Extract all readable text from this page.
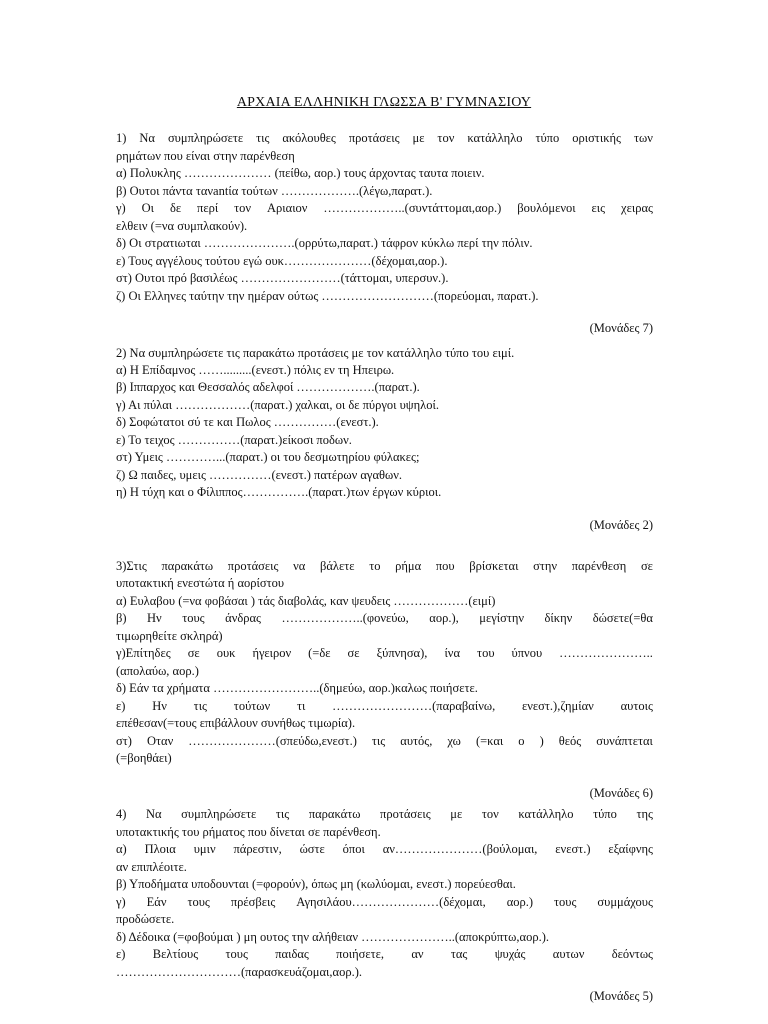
ΑΡΧΑΙΑ ΕΛΛΗΝΙΚΗ ΓΛΩΣΣΑ Β' ΓΥΜΝΑΣΙΟΥ
1) Να συμπληρώσετε τις ακόλουθες προτάσεις με τον κατάλληλο τύπο οριστικής των
ρημάτων που είναι στην παρένθεση
α) Πολυκλης ………………… (πείθω, αορ.) τους άρχοντας ταυτα ποιειν.
β) Ουτοι πάντα τανantία τούτων ……………….(λέγω,παρατ.).
γ) Οι δε περί τον Αριαιον ………………..(συντάττομαι,αορ.) βουλόμενοι εις χειρας
ελθειν (=να συμπλακούν).
δ) Οι στρατιωται ………………….(ορρύτω,παρατ.) τάφρον κύκλω περί την πόλιν.
ε) Τους αγγέλους τούτου εγώ ουκ…………………(δέχομαι,αορ.).
στ) Ουτοι πρό βασιλέως ……………………(τάττομαι, υπερσυν.).
ζ) Οι Ελληνες ταύτην την ημέραν ούτως ………………………(πορεύομαι, παρατ.).
2) Να συμπληρώσετε τις παρακάτω προτάσεις με τον κατάλληλο τύπο του ειμί.
α) Η Επίδαμνος …….........(ενεστ.) πόλις εν τη Ηπειρω.
β) Ιππαρχος και Θεσσαλός αδελφοί ……………….(παρατ.).
γ) Αι πύλαι ………………(παρατ.) χαλκαι, οι δε πύργοι υψηλοί.
δ) Σοφώτατοι σύ τε και Πωλος ……………(ενεστ.).
ε) Το τειχος ……………(παρατ.)είκοσι ποδων.
στ) Υμεις …………...(παρατ.) οι του δεσμωτηρίου φύλακες;
ζ) Ω παιδες, υμεις ……………(ενεστ.) πατέρων αγαθων.
η) Η τύχη και ο Φίλιππος…………….(παρατ.)των έργων κύριοι.
3)Στις παρακάτω προτάσεις να βάλετε το ρήμα που βρίσκεται στην παρένθεση σε
υποτακτική ενεστώτα ή αορίστου
α) Ευλαβου (=να φοβάσαι ) τάς διαβολάς, καν ψευδεις ………………(ειμί)
β) Ην τους άνδρας ………………..(φονεύω, αορ.), μεγίστην δίκην δώσετε(=θα
τιμωρηθείτε σκληρά)
γ)Επίτηδες σε ουκ ήγειρον (=δε σε ξύπνησα), ίνα του ύπνου …………………..
(απολαύω, αορ.)
δ) Εάν τα χρήματα ……………………..(δημεύω, αορ.)καλως ποιήσετε.
ε) Ην τις τούτων τι ……………………(παραβαίνω, ενεστ.),ζημίαν αυτοις
επέθεσαν(=τους επιβάλλουν συνήθως τιμωρία).
στ) Οταν …………………(σπεύδω,ενεστ.) τις αυτός, χω (=και ο ) θεός συνάπτεται
(=βοηθάει)
4) Να συμπληρώσετε τις παρακάτω προτάσεις με τον κατάλληλο τύπο της
υποτακτικής του ρήματος που δίνεται σε παρένθεση.
α) Πλοια υμιν πάρεστιν, ώστε όποι αν…………………(βούλομαι, ενεστ.) εξαίφνης
αν επιπλέοιτε.
β) Υποδήματα υποδουνται (=φορούν), όπως μη (κωλύομαι, ενεστ.) πορεύεσθαι.
γ) Εάν τους πρέσβεις Αγησιλάου…………………(δέχομαι, αορ.) τους συμμάχους
προδώσετε.
δ) Δέδοικα (=φοβούμαι ) μη ουτος την αλήθειαν …………………..(αποκρύπτω,αορ.).
ε) Βελτίους τους παιδας ποιήσετε, αν τας ψυχάς αυτων δεόντως
…………………………(παρασκευάζομαι,αορ.).
(Μονάδες 7)
(Μονάδες 2)
(Μονάδες 6)
(Μονάδες 5)
